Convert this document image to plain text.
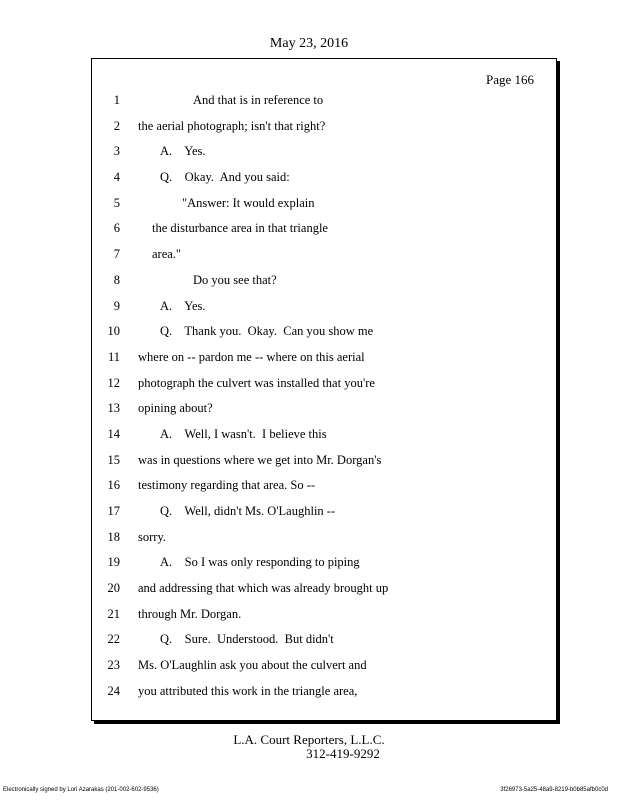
May 23, 2016
Page 166
1	And that is in reference to
2 the aerial photograph; isn't that right?
3	A.    Yes.
4	Q.    Okay.  And you said:
5	"Answer: It would explain
6	the disturbance area in that triangle
7	area."
8	Do you see that?
9	A.    Yes.
10	Q.    Thank you.  Okay.  Can you show me
11 where on -- pardon me -- where on this aerial
12 photograph the culvert was installed that you're
13 opining about?
14	A.    Well, I wasn't.  I believe this
15 was in questions where we get into Mr. Dorgan's
16 testimony regarding that area. So --
17	Q.    Well, didn't Ms. O'Laughlin --
18 sorry.
19	A.    So I was only responding to piping
20 and addressing that which was already brought up
21 through Mr. Dorgan.
22	Q.    Sure.  Understood.  But didn't
23 Ms. O'Laughlin ask you about the culvert and
24 you attributed this work in the triangle area,
L.A. Court Reporters, L.L.C.
312-419-9292
Electronically signed by Lori Azarakas (201-002-602-9536)	3f26973-5a25-48a9-8219-b0b85afb0c0d
